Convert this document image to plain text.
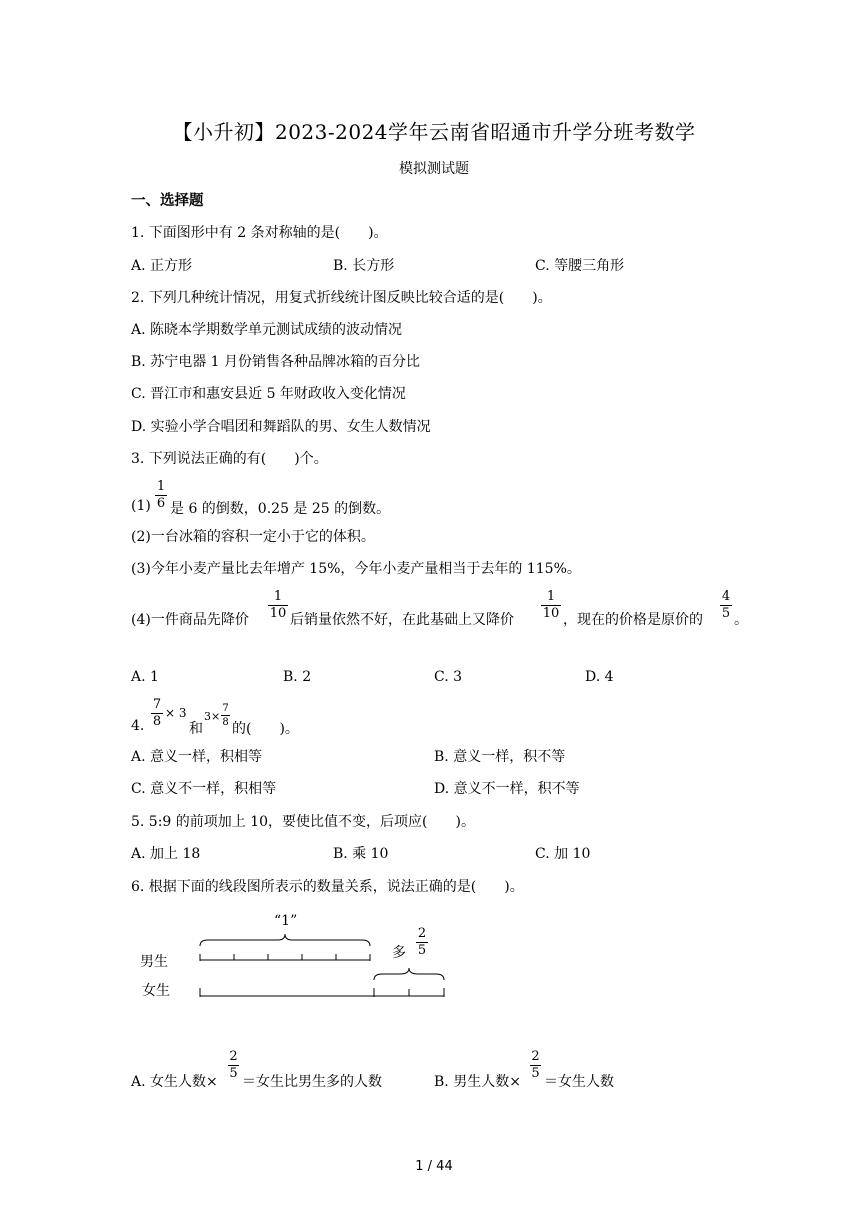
【小升初】2023-2024学年云南省昭通市升学分班考数学
模拟测试题
一、选择题
1. 下面图形中有 2 条对称轴的是(　　)。
A. 正方形	B. 长方形	C. 等腰三角形
2. 下列几种统计情况，用复式折线统计图反映比较合适的是(　　)。
A. 陈晓本学期数学单元测试成绩的波动情况
B. 苏宁电器 1 月份销售各种品牌冰箱的百分比
C. 晋江市和惠安县近 5 年财政收入变化情况
D. 实验小学合唱团和舞蹈队的男、女生人数情况
3. 下列说法正确的有(　　)个。
(1)
1
6 是 6 的倒数，0.25 是 25 的倒数。
(2)一台冰箱的容积一定小于它的体积。
(3)今年小麦产量比去年增产 15%，今年小麦产量相当于去年的 115%。
(4)一件商品先降价
1
10 后销量依然不好，在此基础上又降价
1
10 ，现在的价格是原价的
4
5 。
A. 1	B. 2	C. 3	D. 4
4.
7
8
× 3
和
3×
7
8 的(　　)。
A. 意义一样，积相等	B. 意义一样，积不等
C. 意义不一样，积相等	D. 意义不一样，积不等
5. 5:9 的前项加上 10，要使比值不变，后项应(　　)。
A. 加上 18	B. 乘 10	C. 加 10
6. 根据下面的线段图所表示的数量关系，说法正确的是(　　)。
“1”
多
2
5
男生
女生
A. 女生人数×
2
5
＝女生比男生多的人数	B. 男生人数×
2
5
＝女生人数
1 / 44
